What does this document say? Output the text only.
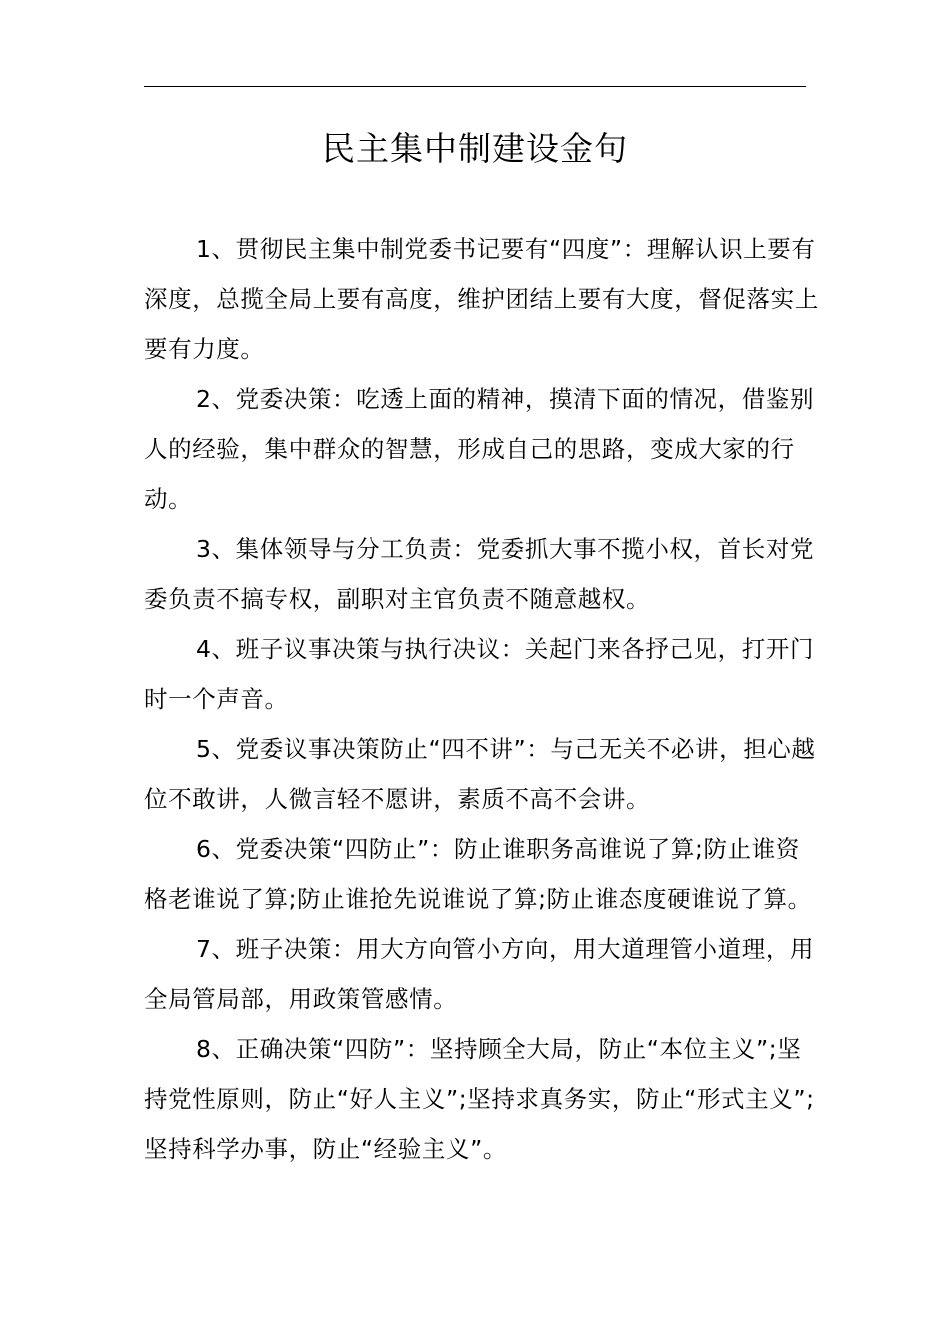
民主集中制建设金句

1、贯彻民主集中制党委书记要有“四度”：理解认识上要有深度，总揽全局上要有高度，维护团结上要有大度，督促落实上要有力度。

2、党委决策：吃透上面的精神，摸清下面的情况，借鉴别人的经验，集中群众的智慧，形成自己的思路，变成大家的行动。

3、集体领导与分工负责：党委抓大事不揽小权，首长对党委负责不搞专权，副职对主官负责不随意越权。

4、班子议事决策与执行决议：关起门来各抒己见，打开门时一个声音。

5、党委议事决策防止“四不讲”：与己无关不必讲，担心越位不敢讲，人微言轻不愿讲，素质不高不会讲。

6、党委决策“四防止”：防止谁职务高谁说了算;防止谁资格老谁说了算;防止谁抢先说谁说了算;防止谁态度硬谁说了算。

7、班子决策：用大方向管小方向，用大道理管小道理，用全局管局部，用政策管感情。

8、正确决策“四防”：坚持顾全大局，防止“本位主义”;坚持党性原则，防止“好人主义”;坚持求真务实，防止“形式主义”;坚持科学办事，防止“经验主义”。
